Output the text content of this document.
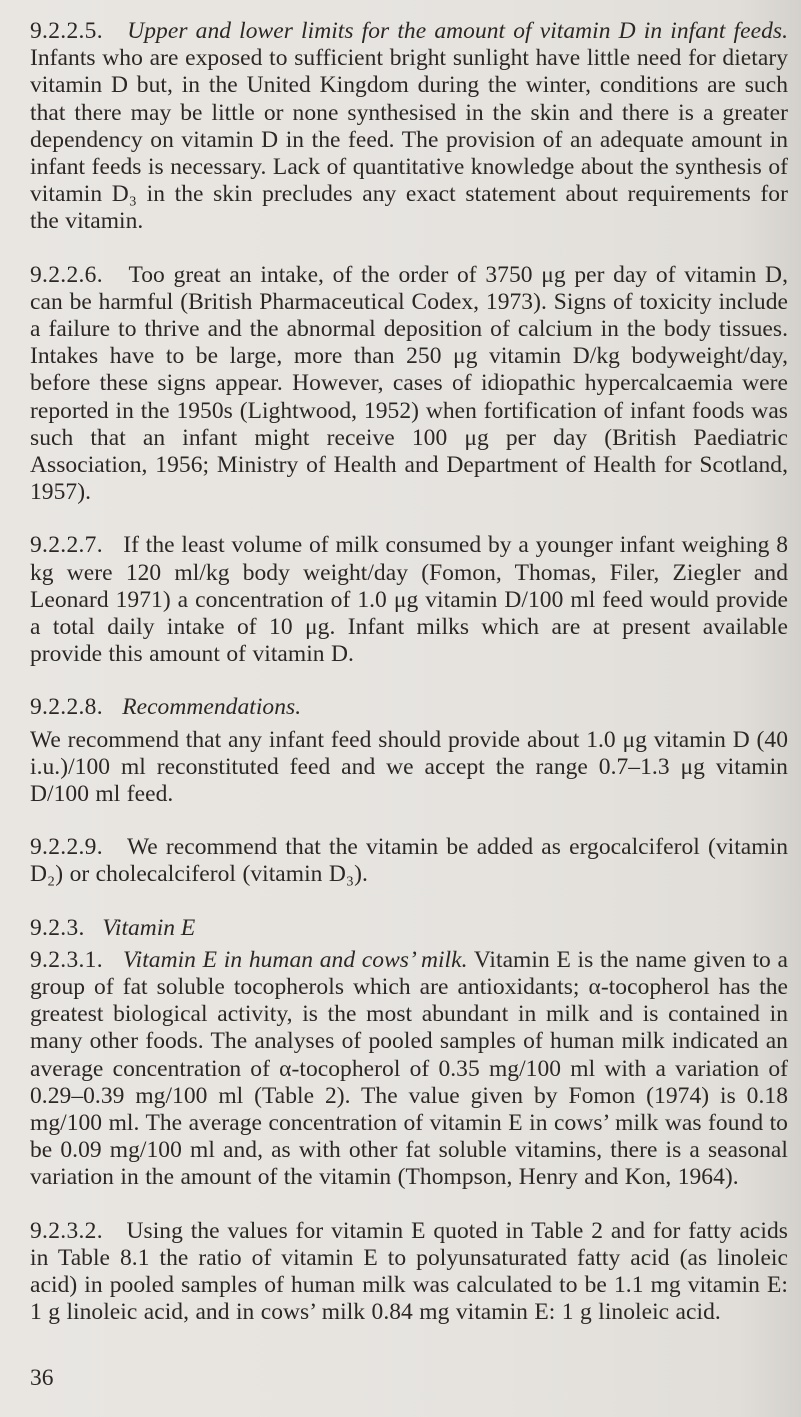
9.2.2.5. Upper and lower limits for the amount of vitamin D in infant feeds. Infants who are exposed to sufficient bright sunlight have little need for dietary vitamin D but, in the United Kingdom during the winter, conditions are such that there may be little or none synthesised in the skin and there is a greater dependency on vitamin D in the feed. The provision of an adequate amount in infant feeds is necessary. Lack of quantitative knowledge about the synthesis of vitamin D₃ in the skin precludes any exact statement about requirements for the vitamin.

9.2.2.6. Too great an intake, of the order of 3750 μg per day of vitamin D, can be harmful (British Pharmaceutical Codex, 1973). Signs of toxicity include a failure to thrive and the abnormal deposition of calcium in the body tissues. Intakes have to be large, more than 250 μg vitamin D/kg bodyweight/day, before these signs appear. However, cases of idiopathic hypercalcaemia were reported in the 1950s (Lightwood, 1952) when fortification of infant foods was such that an infant might receive 100 μg per day (British Paediatric Association, 1956; Ministry of Health and Department of Health for Scotland, 1957).

9.2.2.7. If the least volume of milk consumed by a younger infant weighing 8 kg were 120 ml/kg body weight/day (Fomon, Thomas, Filer, Ziegler and Leonard 1971) a concentration of 1.0 μg vitamin D/100 ml feed would provide a total daily intake of 10 μg. Infant milks which are at present available provide this amount of vitamin D.

9.2.2.8. Recommendations.

We recommend that any infant feed should provide about 1.0 μg vitamin D (40 i.u.)/100 ml reconstituted feed and we accept the range 0.7–1.3 μg vitamin D/100 ml feed.

9.2.2.9. We recommend that the vitamin be added as ergocalciferol (vitamin D₂) or cholecalciferol (vitamin D₃).

9.2.3. Vitamin E

9.2.3.1. Vitamin E in human and cows’ milk. Vitamin E is the name given to a group of fat soluble tocopherols which are antioxidants; α-tocopherol has the greatest biological activity, is the most abundant in milk and is contained in many other foods. The analyses of pooled samples of human milk indicated an average concentration of α-tocopherol of 0.35 mg/100 ml with a variation of 0.29–0.39 mg/100 ml (Table 2). The value given by Fomon (1974) is 0.18 mg/100 ml. The average concentration of vitamin E in cows’ milk was found to be 0.09 mg/100 ml and, as with other fat soluble vitamins, there is a seasonal variation in the amount of the vitamin (Thompson, Henry and Kon, 1964).

9.2.3.2. Using the values for vitamin E quoted in Table 2 and for fatty acids in Table 8.1 the ratio of vitamin E to polyunsaturated fatty acid (as linoleic acid) in pooled samples of human milk was calculated to be 1.1 mg vitamin E: 1 g linoleic acid, and in cows’ milk 0.84 mg vitamin E: 1 g linoleic acid.

36
